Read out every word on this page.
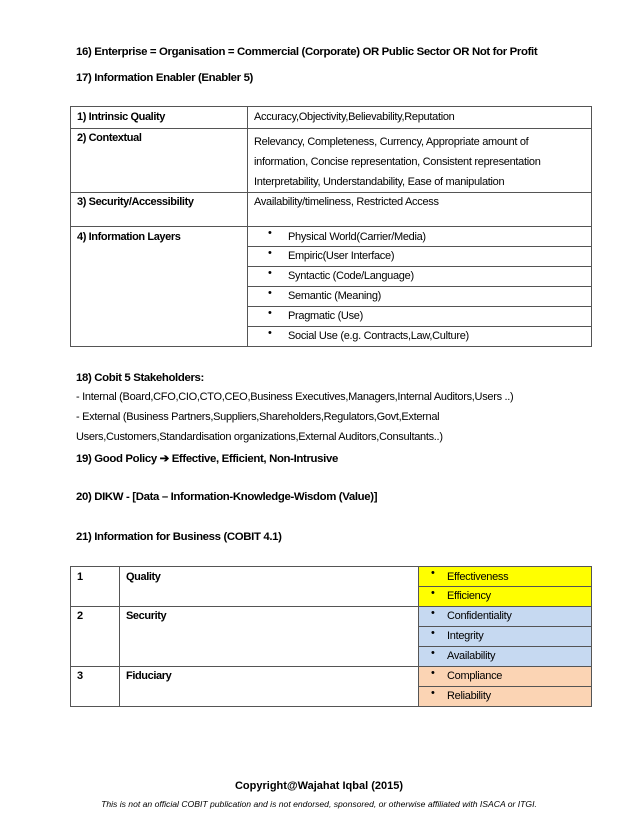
16) Enterprise = Organisation = Commercial (Corporate) OR Public Sector OR Not for Profit
17) Information Enabler (Enabler 5)
1) Intrinsic Quality	Accuracy,Objectivity,Believability,Reputation
2) Contextual	Relevancy, Completeness, Currency, Appropriate amount of
information, Concise representation, Consistent representation
Interpretability, Understandability, Ease of manipulation

3) Security/Accessibility	Availability/timeliness, Restricted Access
4) Information Layers	• Physical World(Carrier/Media)
	• Empiric(User Interface)
	• Syntactic (Code/Language)
	• Semantic (Meaning)
	• Pragmatic (Use)
	• Social Use (e.g. Contracts,Law,Culture)
18) Cobit 5 Stakeholders:
- Internal (Board,CFO,CIO,CTO,CEO,Business Executives,Managers,Internal Auditors,Users ..)
- External (Business Partners,Suppliers,Shareholders,Regulators,Govt,External
Users,Customers,Standardisation organizations,External Auditors,Consultants..)
19) Good Policy ➔ Effective, Efficient, Non-Intrusive
20) DIKW - [Data – Information-Knowledge-Wisdom (Value)]
21) Information for Business (COBIT 4.1)
1	Quality	• Effectiveness
		• Efficiency
2	Security	• Confidentiality
		• Integrity
		• Availability
3	Fiduciary	• Compliance
		• Reliability
Copyright@Wajahat Iqbal (2015)
This is not an official COBIT publication and is not endorsed, sponsored, or otherwise affiliated with ISACA or ITGI.
